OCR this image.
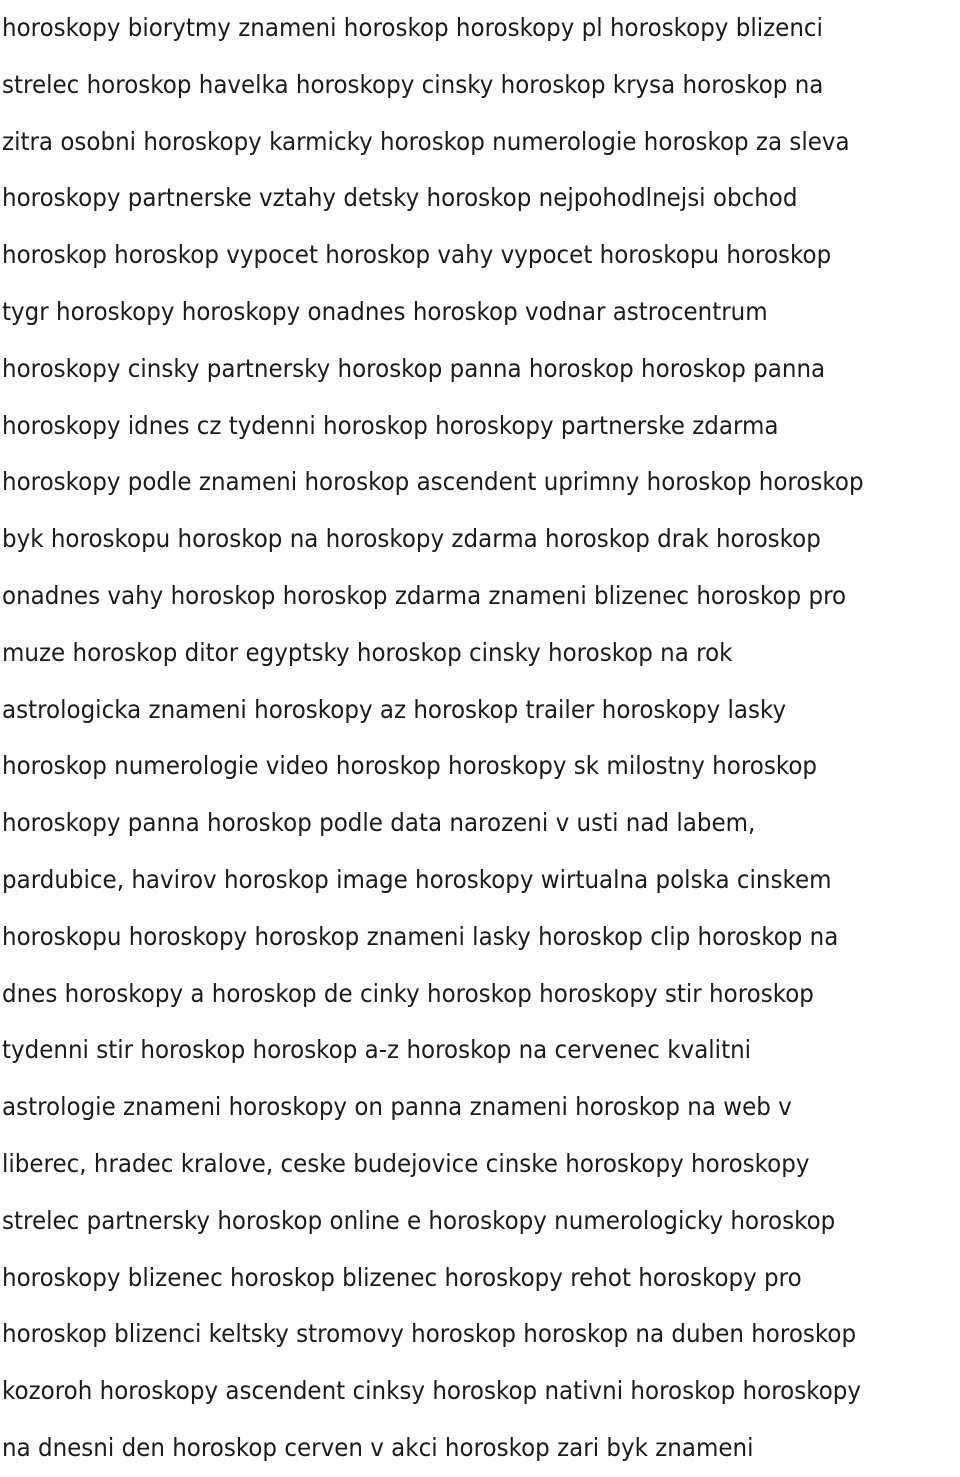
horoskopy biorytmy znameni horoskop horoskopy pl horoskopy blizenci
strelec horoskop havelka horoskopy cinsky horoskop krysa horoskop na
zitra osobni horoskopy karmicky horoskop numerologie horoskop za sleva
horoskopy partnerske vztahy detsky horoskop nejpohodlnejsi obchod
horoskop horoskop vypocet horoskop vahy vypocet horoskopu horoskop
tygr horoskopy horoskopy onadnes horoskop vodnar astrocentrum
horoskopy cinsky partnersky horoskop panna horoskop horoskop panna
horoskopy idnes cz tydenni horoskop horoskopy partnerske zdarma
horoskopy podle znameni horoskop ascendent uprimny horoskop horoskop
byk horoskopu horoskop na horoskopy zdarma horoskop drak horoskop
onadnes vahy horoskop horoskop zdarma znameni blizenec horoskop pro
muze horoskop ditor egyptsky horoskop cinsky horoskop na rok
astrologicka znameni horoskopy az horoskop trailer horoskopy lasky
horoskop numerologie video horoskop horoskopy sk milostny horoskop
horoskopy panna horoskop podle data narozeni v usti nad labem,
pardubice, havirov horoskop image horoskopy wirtualna polska cinskem
horoskopu horoskopy horoskop znameni lasky horoskop clip horoskop na
dnes horoskopy a horoskop de cinky horoskop horoskopy stir horoskop
tydenni stir horoskop horoskop a-z horoskop na cervenec kvalitni
astrologie znameni horoskopy on panna znameni horoskop na web v
liberec, hradec kralove, ceske budejovice cinske horoskopy horoskopy
strelec partnersky horoskop online e horoskopy numerologicky horoskop
horoskopy blizenec horoskop blizenec horoskopy rehot horoskopy pro
horoskop blizenci keltsky stromovy horoskop horoskop na duben horoskop
kozoroh horoskopy ascendent cinksy horoskop nativni horoskop horoskopy
na dnesni den horoskop cerven v akci horoskop zari byk znameni
